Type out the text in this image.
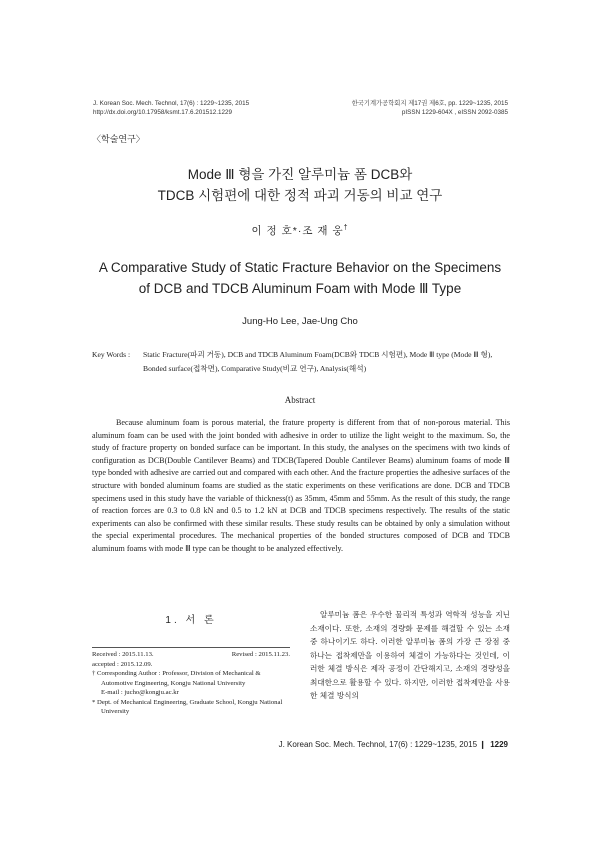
J. Korean Soc. Mech. Technol, 17(6) : 1229~1235, 2015
http://dx.doi.org/10.17958/ksmt.17.6.201512.1229
한국기계가공학회지 제17권 제6호, pp. 1229~1235, 2015
pISSN 1229-604X , eISSN 2092-0385
〈학술연구〉
Mode Ⅲ 형을 가진 알루미늄 폼 DCB와
TDCB 시험편에 대한 정적 파괴 거동의 비교 연구
이 정 호*·조 재 웅†
A Comparative Study of Static Fracture Behavior on the Specimens
of DCB and TDCB Aluminum Foam with Mode Ⅲ Type
Jung-Ho Lee, Jae-Ung Cho
Key Words : Static Fracture(파괴 거동), DCB and TDCB Aluminum Foam(DCB와 TDCB 시험편), Mode Ⅲ type (Mode Ⅲ 형), Bonded surface(접착면), Comparative Study(비교 연구), Analysis(해석)
Abstract
Because aluminum foam is porous material, the frature property is different from that of non-porous material. This aluminum foam can be used with the joint bonded with adhesive in order to utilize the light weight to the maximum. So, the study of fracture property on bonded surface can be important. In this study, the analyses on the specimens with two kinds of configuration as DCB(Double Cantilever Beams) and TDCB(Tapered Double Cantilever Beams) aluminum foams of mode Ⅲ type bonded with adhesive are carried out and compared with each other. And the fracture properties the adhesive surfaces of the structure with bonded aluminum foams are studied as the static experiments on these verifications are done. DCB and TDCB specimens used in this study have the variable of thickness(t) as 35mm, 45mm and 55mm. As the result of this study, the range of reaction forces are 0.3 to 0.8 kN and 0.5 to 1.2 kN at DCB and TDCB specimens respectively. The results of the static experiments can also be confirmed with these similar results. These study results can be obtained by only a simulation without the special experimental procedures. The mechanical properties of the bonded structures composed of DCB and TDCB aluminum foams with mode Ⅲ type can be thought to be analyzed effectively.
1. 서 론
Received : 2015.11.13.	Revised : 2015.11.23.
accepted : 2015.12.09.
† Corresponding Author : Professor, Division of Mechanical & Automotive Engineering, Kongju National University
E-mail : jucho@kongju.ac.kr
* Dept. of Mechanical Engineering, Graduate School, Kongju National University
알루미늄 폼은 우수한 물리적 특성과 역학적 성능을 지닌 소재이다. 또한, 소재의 경량화 문제를 해결할 수 있는 소재 중 하나이기도 하다. 이러한 알루미늄 폼의 가장 큰 장점 중 하나는 접착제만을 이용하여 체결이 가능하다는 것인데, 이러한 체결 방식은 제작 공정이 간단해지고, 소재의 경량성을 최대한으로 활용할 수 있다. 하지만, 이러한 접착제만을 사용한 체결 방식의
J. Korean Soc. Mech. Technol, 17(6) : 1229~1235, 2015 ❙ 1229
